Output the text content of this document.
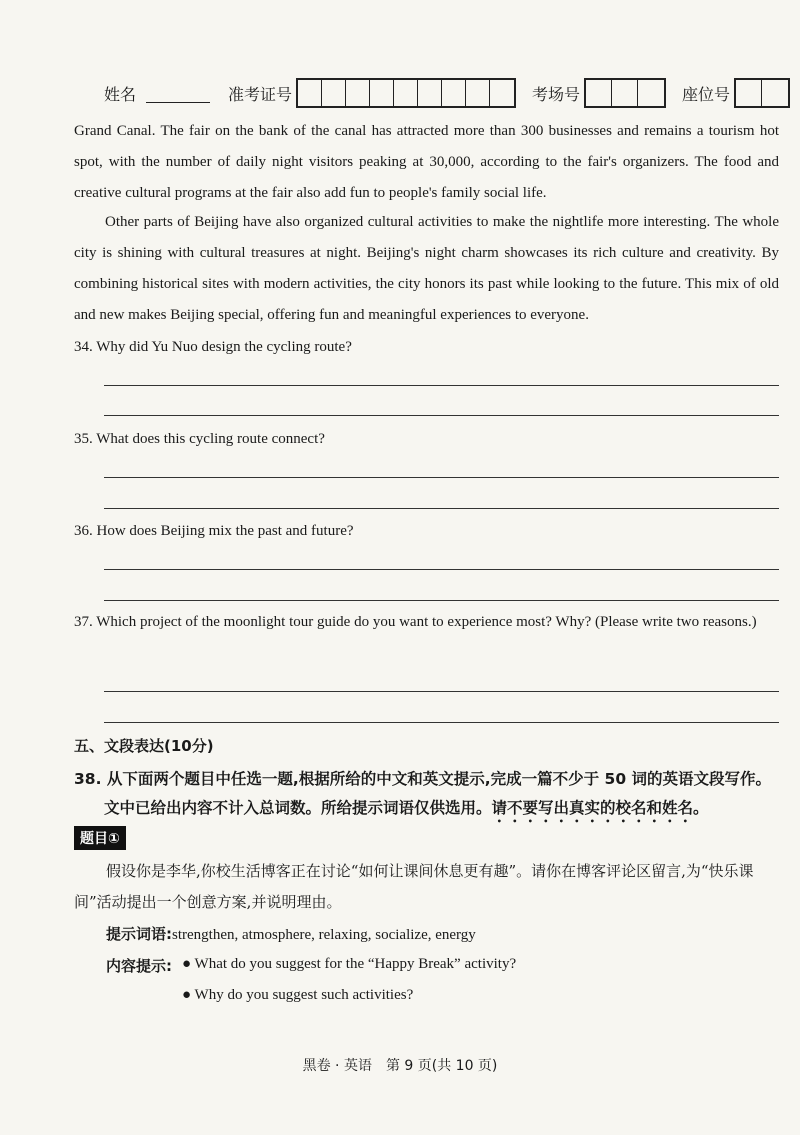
姓名	准考证号	考场号	座位号
Grand Canal. The fair on the bank of the canal has attracted more than 300 businesses and remains a tourism hot spot, with the number of daily night visitors peaking at 30,000, according to the fair's organizers. The food and creative cultural programs at the fair also add fun to people's family social life.
Other parts of Beijing have also organized cultural activities to make the nightlife more interesting. The whole city is shining with cultural treasures at night. Beijing's night charm showcases its rich culture and creativity. By combining historical sites with modern activities, the city honors its past while looking to the future. This mix of old and new makes Beijing special, offering fun and meaningful experiences to everyone.
34. Why did Yu Nuo design the cycling route?
35. What does this cycling route connect?
36. How does Beijing mix the past and future?
37. Which project of the moonlight tour guide do you want to experience most? Why? (Please write two reasons.)
五、文段表达(10分)
38. 从下面两个题目中任选一题,根据所给的中文和英文提示,完成一篇不少于 50 词的英语文段写作。
文中已给出内容不计入总词数。所给提示词语仅供选用。请不要写出真实的校名和姓名。
题目①
假设你是李华,你校生活博客正在讨论“如何让课间休息更有趣”。请你在博客评论区留言,为“快乐课间”活动提出一个创意方案,并说明理由。
提示词语:strengthen, atmosphere, relaxing, socialize, energy
内容提示: ● What do you suggest for the “Happy Break” activity?
● Why do you suggest such activities?
黑卷 · 英语　第 9 页(共 10 页)
